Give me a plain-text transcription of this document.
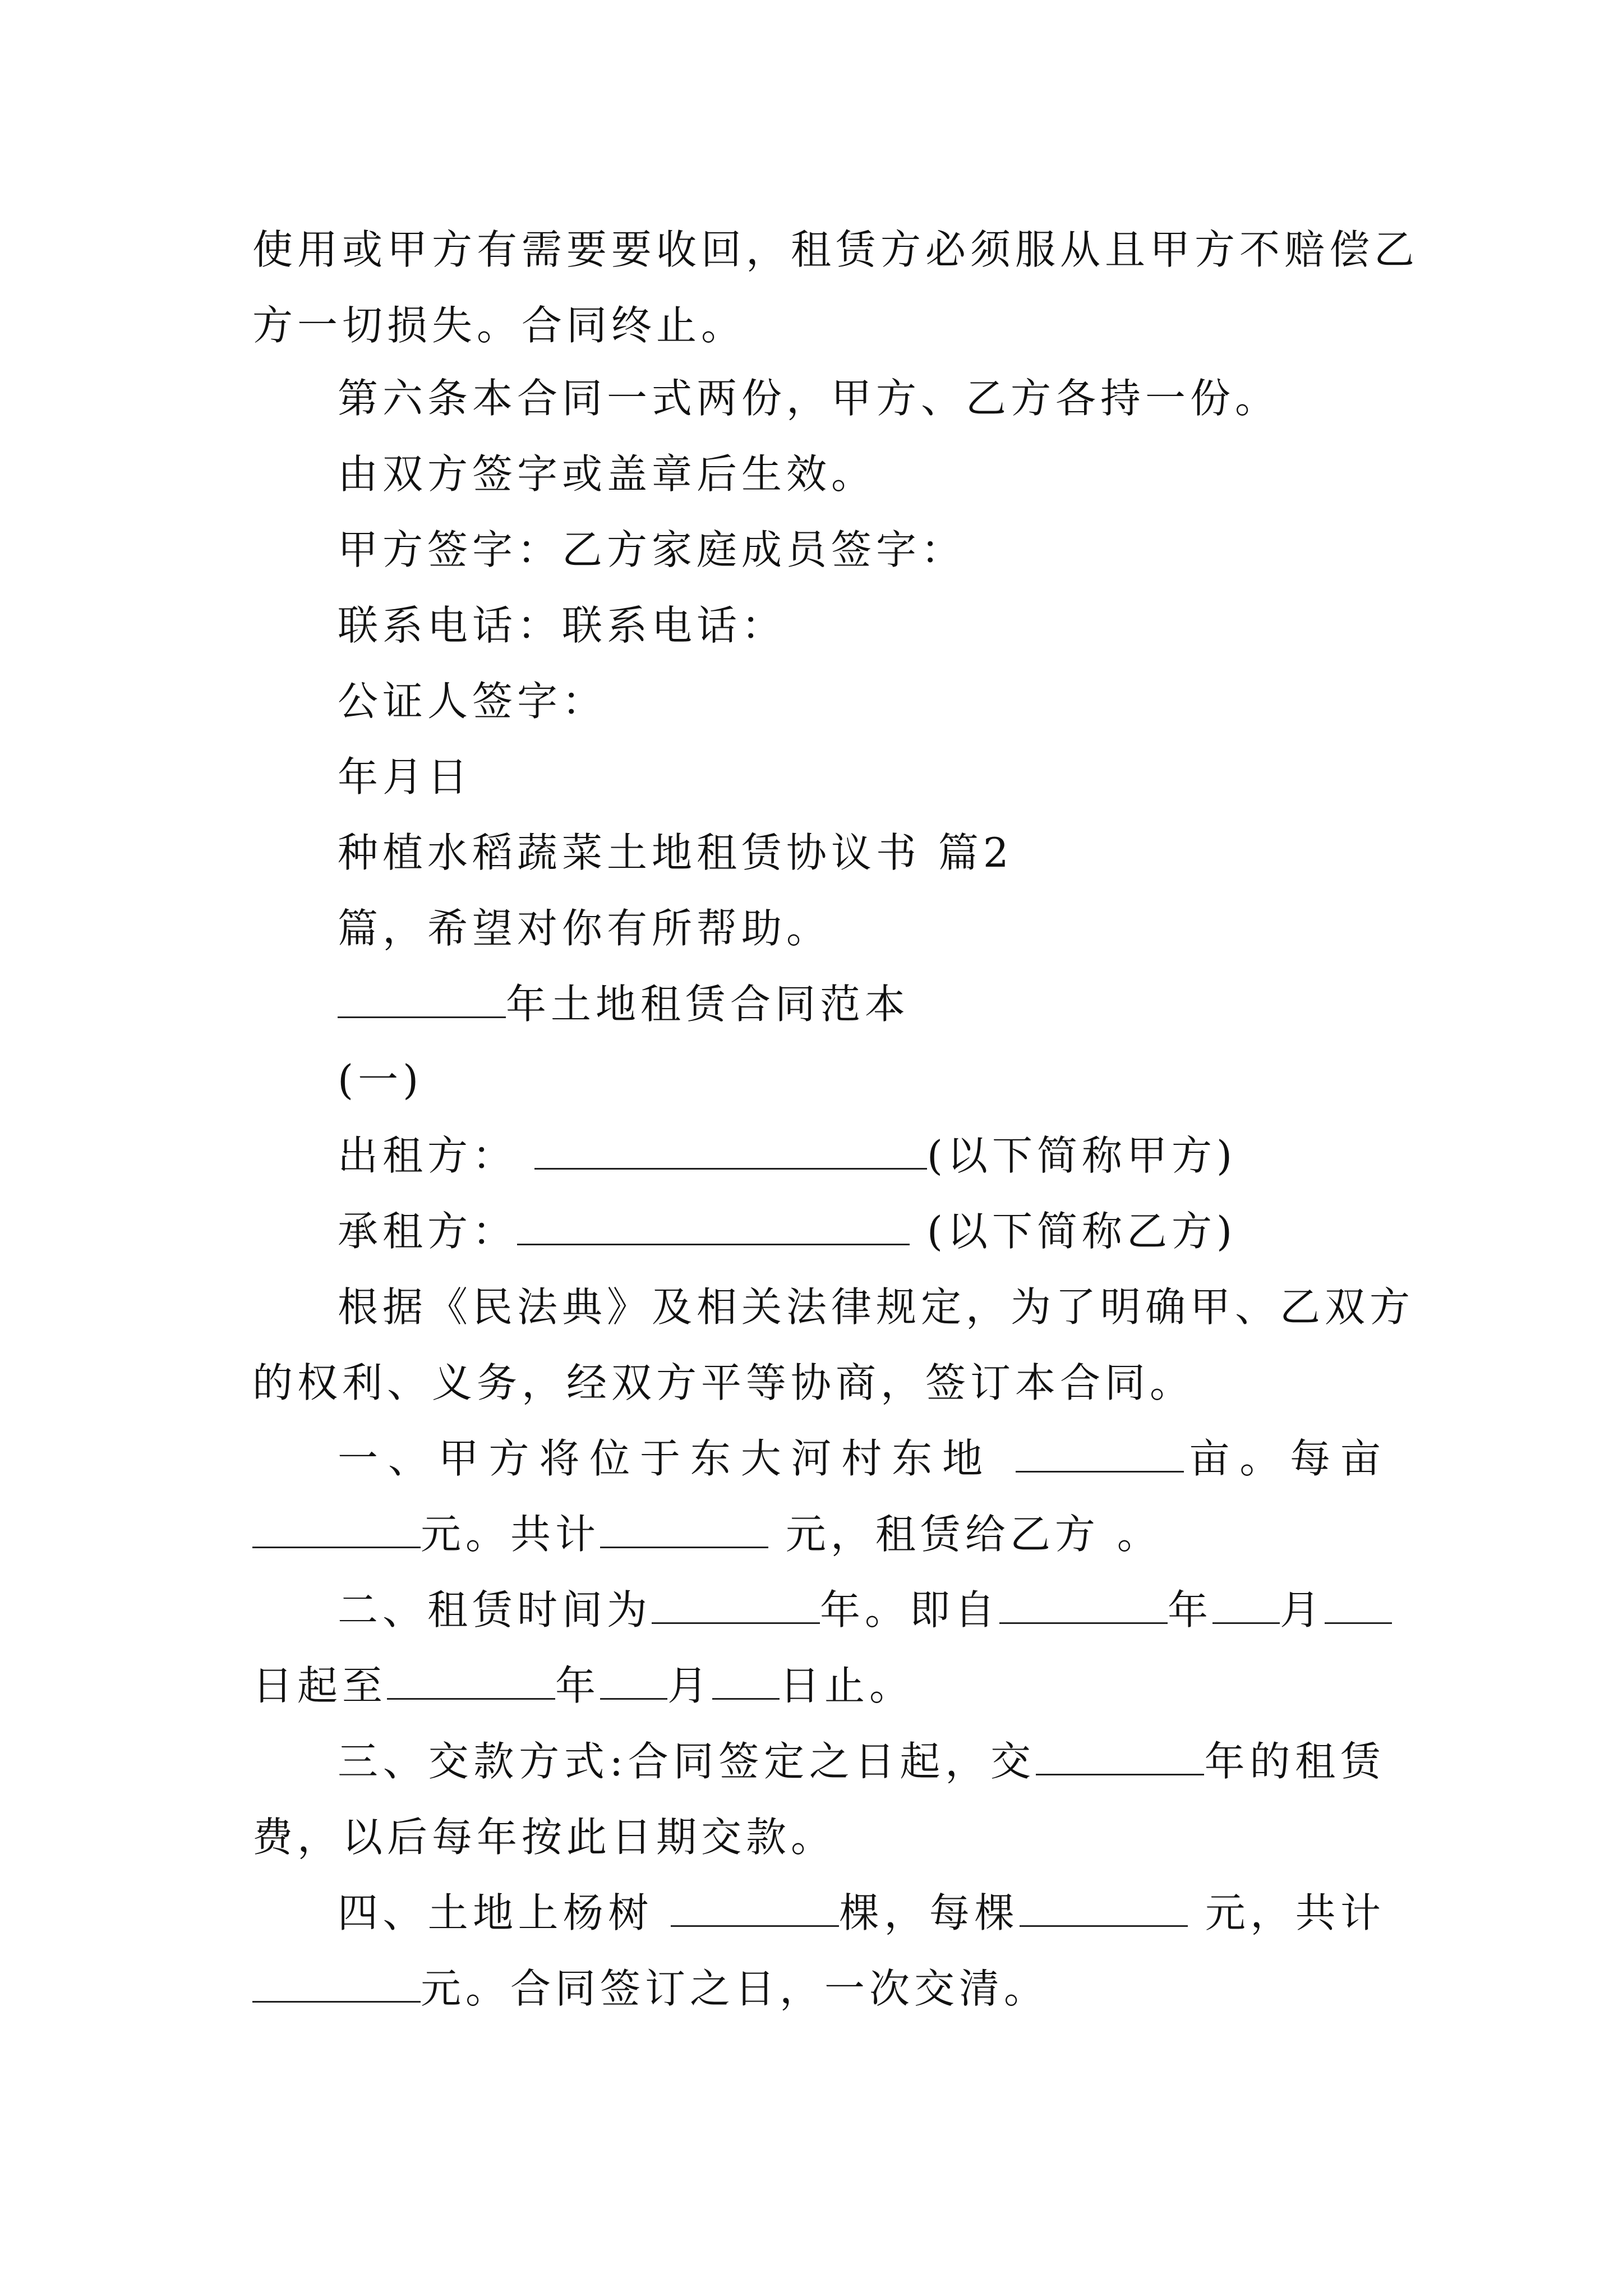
使用或甲方有需要要收回，租赁方必须服从且甲方不赔偿乙
方一切损失。合同终止。
第六条本合同一式两份，甲方、乙方各持一份。
由双方签字或盖章后生效。
甲方签字：乙方家庭成员签字：
联系电话：联系电话：
公证人签字：
年月日
种植水稻蔬菜土地租赁协议书 篇2
篇，希望对你有所帮助。
年土地租赁合同范本
(一)
出租方：	(以下简称甲方)
承租方：	(以下简称乙方)
根据《民法典》及相关法律规定，为了明确甲、乙双方
的权利、义务，经双方平等协商，签订本合同。
一、甲方将位于东大河村东地	亩。每亩
元。共计	元，租赁给乙方 。
二、租赁时间为	年。即自	年 月
日起至	年 月 日止。
三、交款方式:合同签定之日起，交	年的租赁
费，以后每年按此日期交款。
四、土地上杨树	棵，每棵	元，共计
元。合同签订之日，一次交清。
